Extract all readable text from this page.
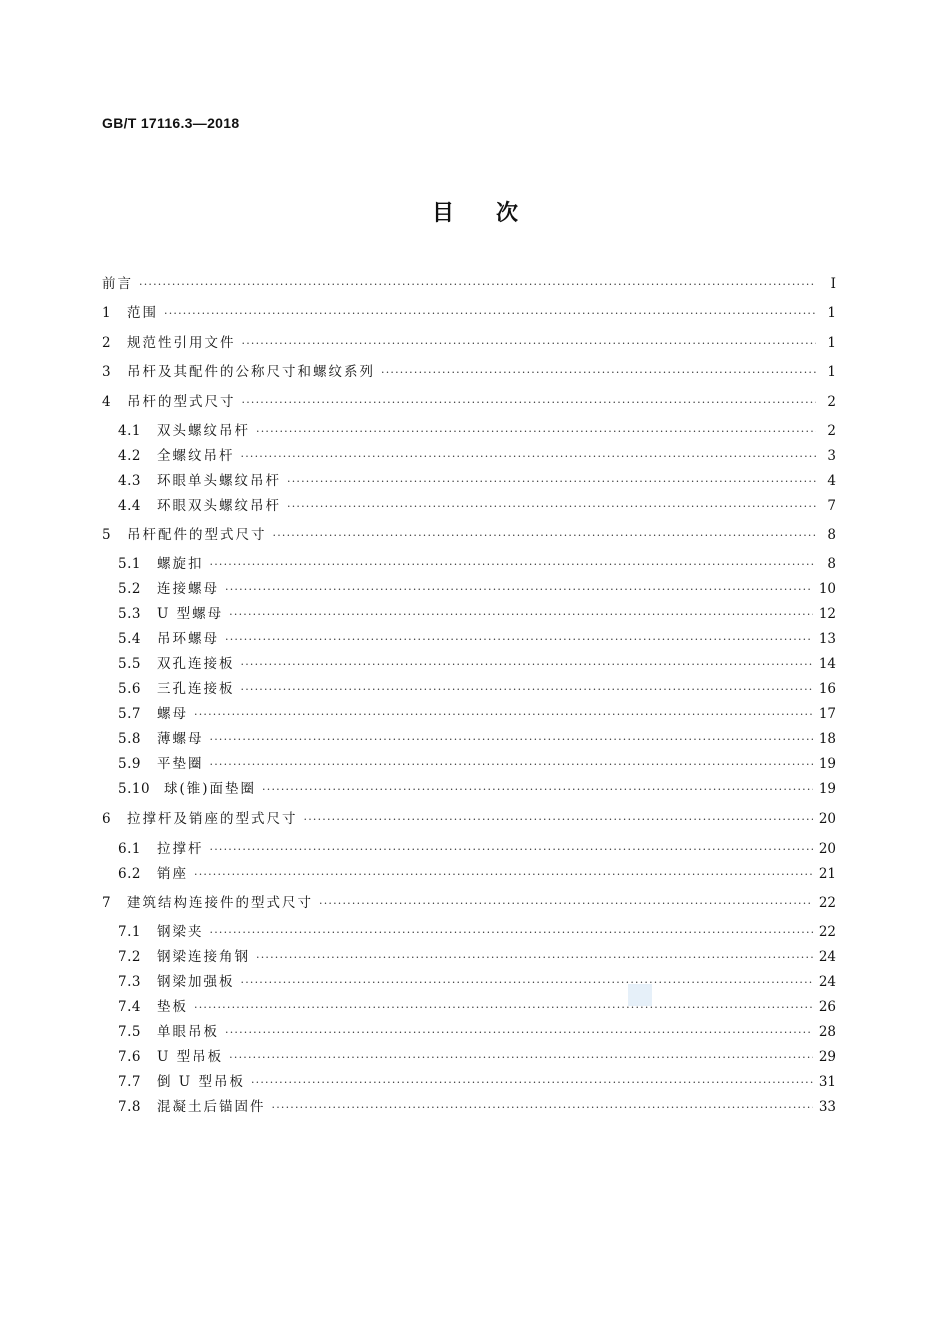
GB/T 17116.3—2018
目次
前言 ·····	Ⅰ
1	范围 ·····	1
2	规范性引用文件 ·····	1
3	吊杆及其配件的公称尺寸和螺纹系列 ·····	1
4	吊杆的型式尺寸 ·····	2
4.1	双头螺纹吊杆 ·····	2
4.2	全螺纹吊杆 ·····	3
4.3	环眼单头螺纹吊杆 ·····	4
4.4	环眼双头螺纹吊杆 ·····	7
5	吊杆配件的型式尺寸 ·····	8
5.1	螺旋扣 ·····	8
5.2	连接螺母 ·····	10
5.3	U 型螺母 ·····	12
5.4	吊环螺母 ·····	13
5.5	双孔连接板 ·····	14
5.6	三孔连接板 ·····	16
5.7	螺母 ·····	17
5.8	薄螺母 ·····	18
5.9	平垫圈 ·····	19
5.10	球(锥)面垫圈 ·····	19
6	拉撑杆及销座的型式尺寸 ·····	20
6.1	拉撑杆 ·····	20
6.2	销座 ·····	21
7	建筑结构连接件的型式尺寸 ·····	22
7.1	钢梁夹 ·····	22
7.2	钢梁连接角钢 ·····	24
7.3	钢梁加强板 ·····	24
7.4	垫板 ·····	26
7.5	单眼吊板 ·····	28
7.6	U 型吊板 ·····	29
7.7	倒 U 型吊板 ·····	31
7.8	混凝土后锚固件 ·····	33
